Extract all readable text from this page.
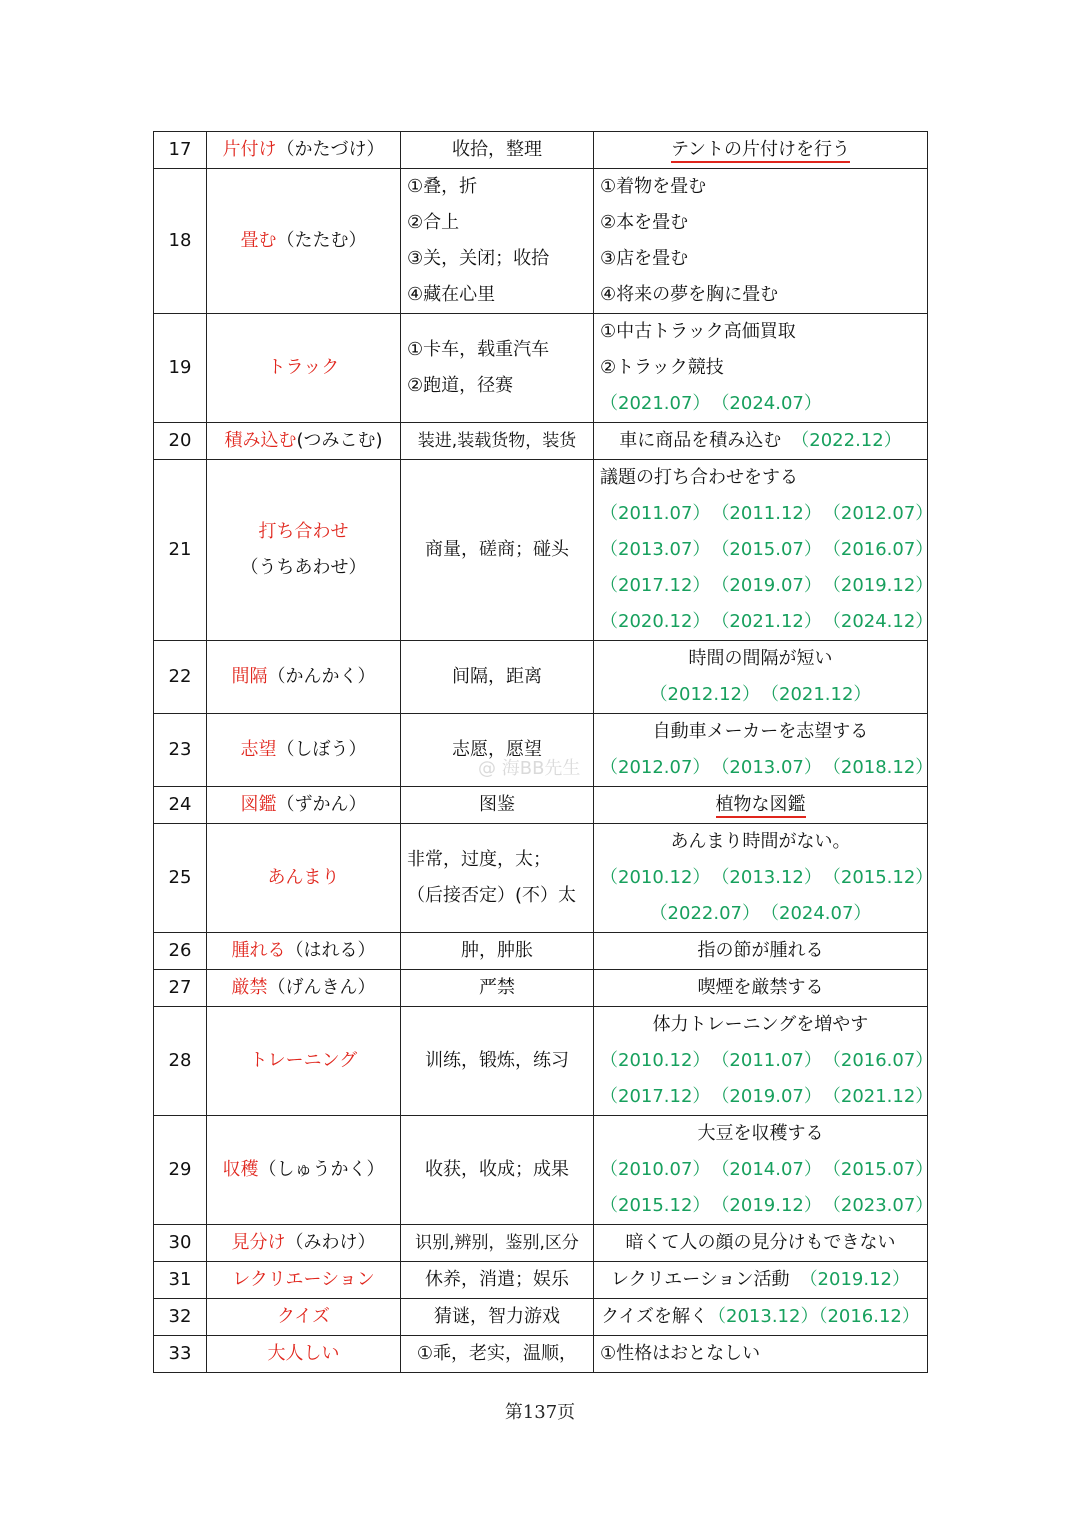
17	片付け（かたづけ）	收拾，整理	テントの片付けを行う
18	畳む（たたむ）	①叠，折
②合上
③关，关闭；收拾
④藏在心里	①着物を畳む
②本を畳む
③店を畳む
④将来の夢を胸に畳む

19	トラック	①卡车，载重汽车
②跑道，径赛	①中古トラック高価買取
②トラック競技
（2021.07） （2024.07）

20	積み込む(つみこむ)	装进,装载货物，装货	車に商品を積み込む （2022.12）
21	打ち合わせ
（うちあわせ）	商量，磋商；碰头	議題の打ち合わせをする
（2011.07） （2011.12） （2012.07）
（2013.07） （2015.07） （2016.07）
（2017.12） （2019.07） （2019.12）
（2020.12） （2021.12） （2024.12）

22	間隔（かんかく）	间隔，距离	時間の間隔が短い
（2012.12） （2021.12）

23	志望（しぼう）	志愿，愿望	自動車メーカーを志望する
（2012.07） （2013.07） （2018.12）

24	図鑑（ずかん）	图鉴	植物な図鑑
25	あんまり	非常，过度，太；
（后接否定）(不）太	あんまり時間がない。
（2010.12） （2013.12） （2015.12）
（2022.07） （2024.07）

26	腫れる（はれる）	肿，肿胀	指の節が腫れる
27	厳禁（げんきん）	严禁	喫煙を厳禁する
28	トレーニング	训练，锻炼，练习	体力トレーニングを増やす
（2010.12） （2011.07） （2016.07）
（2017.12） （2019.07） （2021.12）

29	収穫（しゅうかく）	收获，收成；成果	大豆を収穫する
（2010.07） （2014.07） （2015.07）
（2015.12） （2019.12） （2023.07）

30	見分け（みわけ）	识别,辨别，鉴别,区分	暗くて人の顔の見分けもできない
31	レクリエーション	休养，消遣；娱乐	レクリエーション活動 （2019.12）
32	クイズ	猜谜，智力游戏	クイズを解く（2013.12）（2016.12）
33	大人しい	①乖，老实，温顺，	①性格はおとなしい
@ 海BB先生
第137页
